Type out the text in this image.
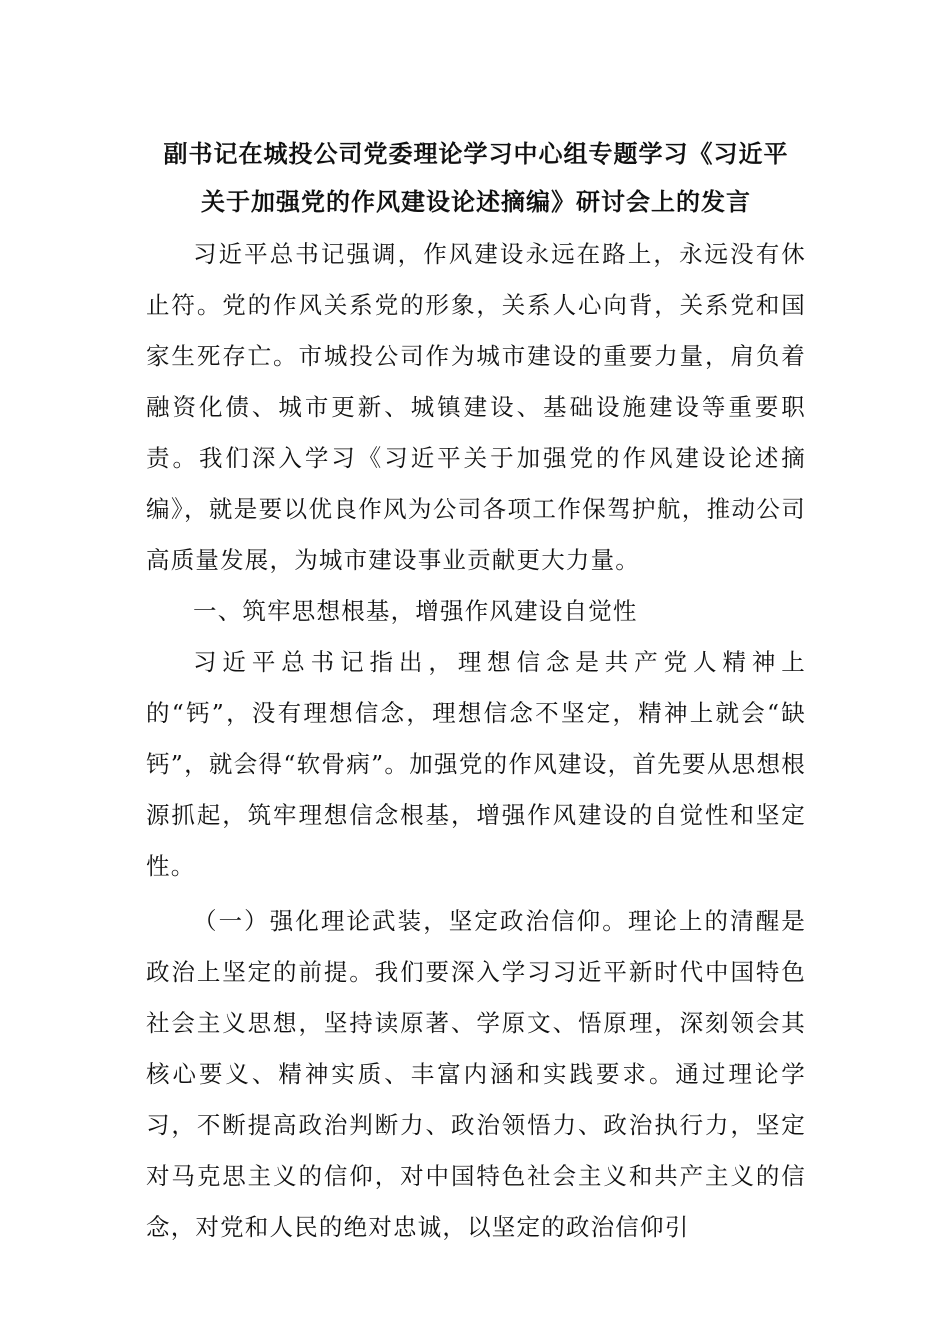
副书记在城投公司党委理论学习中心组专题学习《习近平
关于加强党的作风建设论述摘编》研讨会上的发言

习近平总书记强调，作风建设永远在路上，永远没有休止符。党的作风关系党的形象，关系人心向背，关系党和国家生死存亡。市城投公司作为城市建设的重要力量，肩负着融资化债、城市更新、城镇建设、基础设施建设等重要职责。我们深入学习《习近平关于加强党的作风建设论述摘编》，就是要以优良作风为公司各项工作保驾护航，推动公司高质量发展，为城市建设事业贡献更大力量。

一、筑牢思想根基，增强作风建设自觉性

习近平总书记指出，理想信念是共产党人精神上的“钙”，没有理想信念，理想信念不坚定，精神上就会“缺钙”，就会得“软骨病”。加强党的作风建设，首先要从思想根源抓起，筑牢理想信念根基，增强作风建设的自觉性和坚定性。

（一）强化理论武装，坚定政治信仰。理论上的清醒是政治上坚定的前提。我们要深入学习习近平新时代中国特色社会主义思想，坚持读原著、学原文、悟原理，深刻领会其核心要义、精神实质、丰富内涵和实践要求。通过理论学习，不断提高政治判断力、政治领悟力、政治执行力，坚定对马克思主义的信仰，对中国特色社会主义和共产主义的信念，对党和人民的绝对忠诚，以坚定的政治信仰引
